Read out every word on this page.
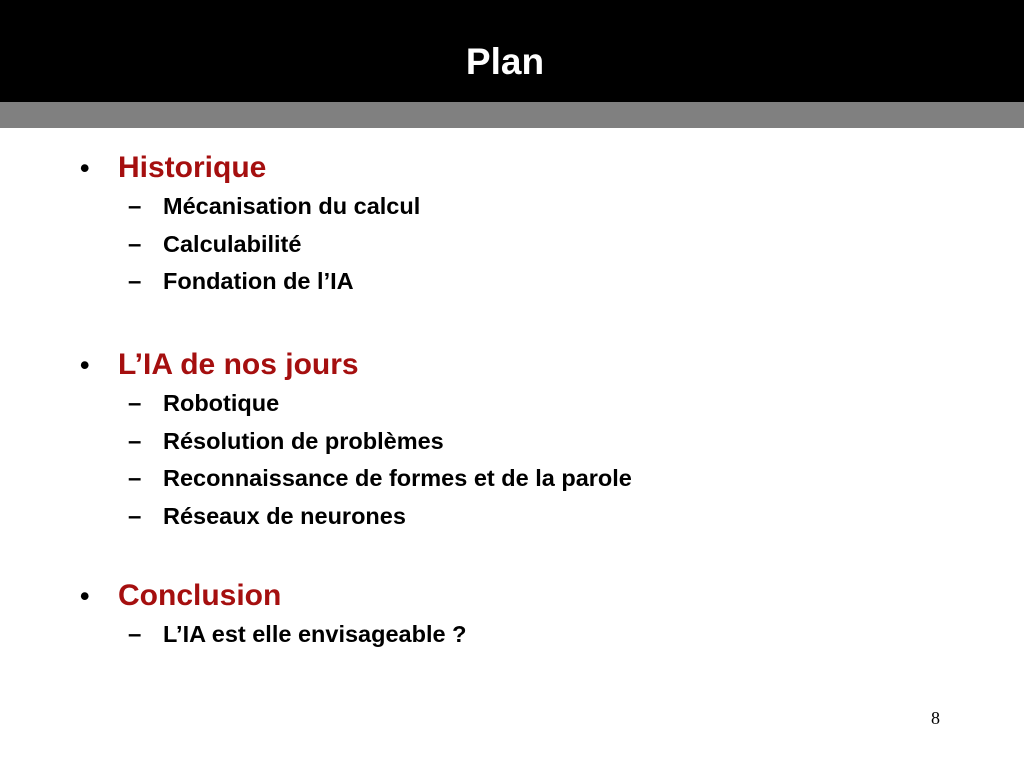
Plan
• Historique
– Mécanisation du calcul
– Calculabilité
– Fondation de l’IA
• L’IA de nos jours
– Robotique
– Résolution de problèmes
– Reconnaissance de formes et de la parole
– Réseaux de neurones
• Conclusion
– L’IA est elle envisageable ?
8
